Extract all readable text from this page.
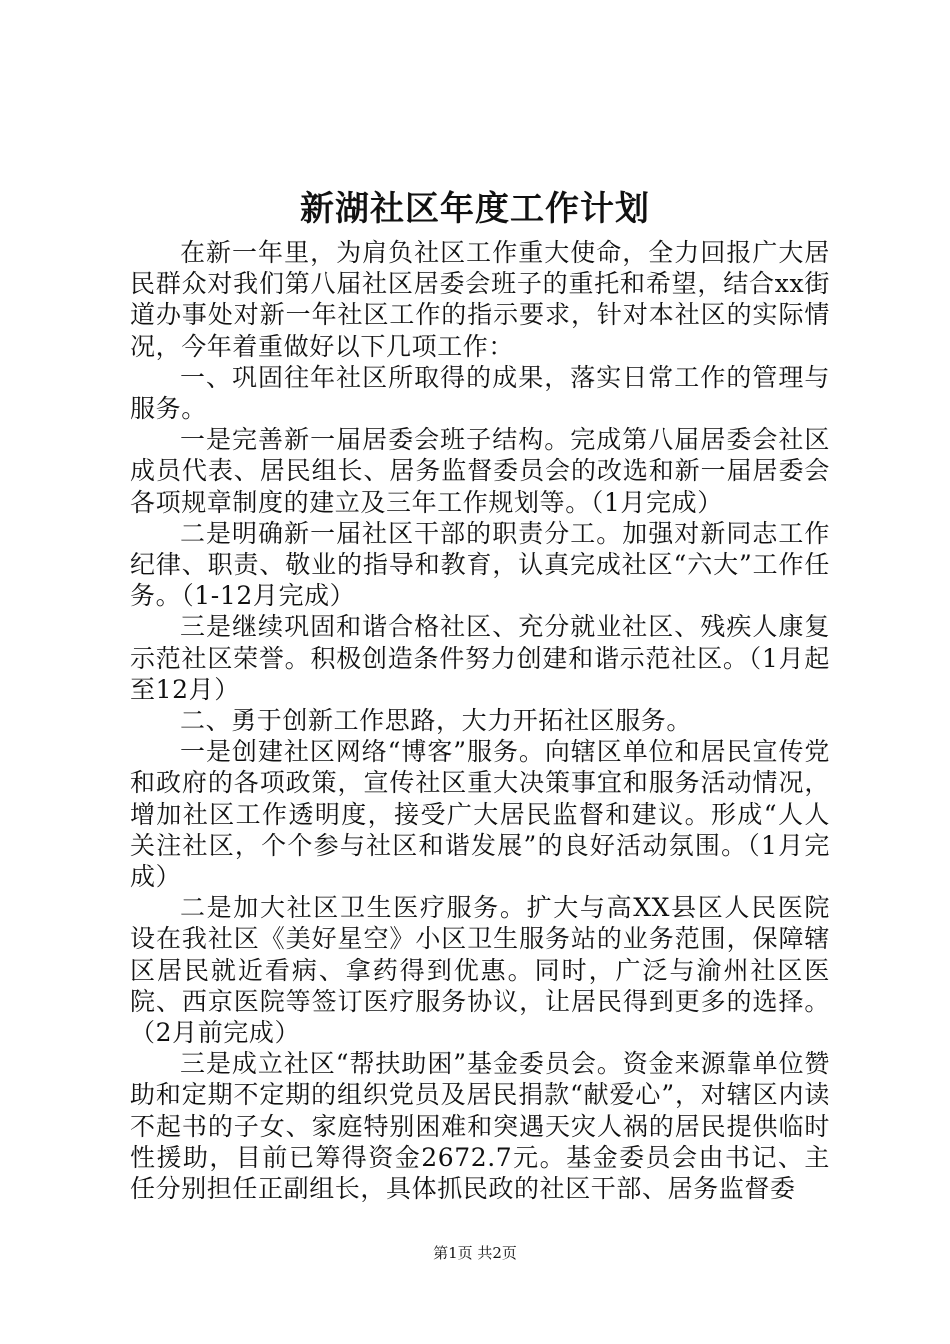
新湖社区年度工作计划

在新一年里，为肩负社区工作重大使命，全力回报广大居民群众对我们第八届社区居委会班子的重托和希望，结合xx街道办事处对新一年社区工作的指示要求，针对本社区的实际情况，今年着重做好以下几项工作：

一、巩固往年社区所取得的成果，落实日常工作的管理与服务。

一是完善新一届居委会班子结构。完成第八届居委会社区成员代表、居民组长、居务监督委员会的改选和新一届居委会各项规章制度的建立及三年工作规划等。（1月完成）

二是明确新一届社区干部的职责分工。加强对新同志工作纪律、职责、敬业的指导和教育，认真完成社区“六大”工作任务。（1-12月完成）

三是继续巩固和谐合格社区、充分就业社区、残疾人康复示范社区荣誉。积极创造条件努力创建和谐示范社区。（1月起至12月）

二、勇于创新工作思路，大力开拓社区服务。

一是创建社区网络“博客”服务。向辖区单位和居民宣传党和政府的各项政策，宣传社区重大决策事宜和服务活动情况，增加社区工作透明度，接受广大居民监督和建议。形成“人人关注社区，个个参与社区和谐发展”的良好活动氛围。（1月完成）

二是加大社区卫生医疗服务。扩大与高XX县区人民医院设在我社区《美好星空》小区卫生服务站的业务范围，保障辖区居民就近看病、拿药得到优惠。同时，广泛与渝州社区医院、西京医院等签订医疗服务协议，让居民得到更多的选择。（2月前完成）

三是成立社区“帮扶助困”基金委员会。资金来源靠单位赞助和定期不定期的组织党员及居民捐款“献爱心”，对辖区内读不起书的子女、家庭特别困难和突遇天灾人祸的居民提供临时性援助，目前已筹得资金2672.7元。基金委员会由书记、主任分别担任正副组长，具体抓民政的社区干部、居务监督委

第1页 共2页
